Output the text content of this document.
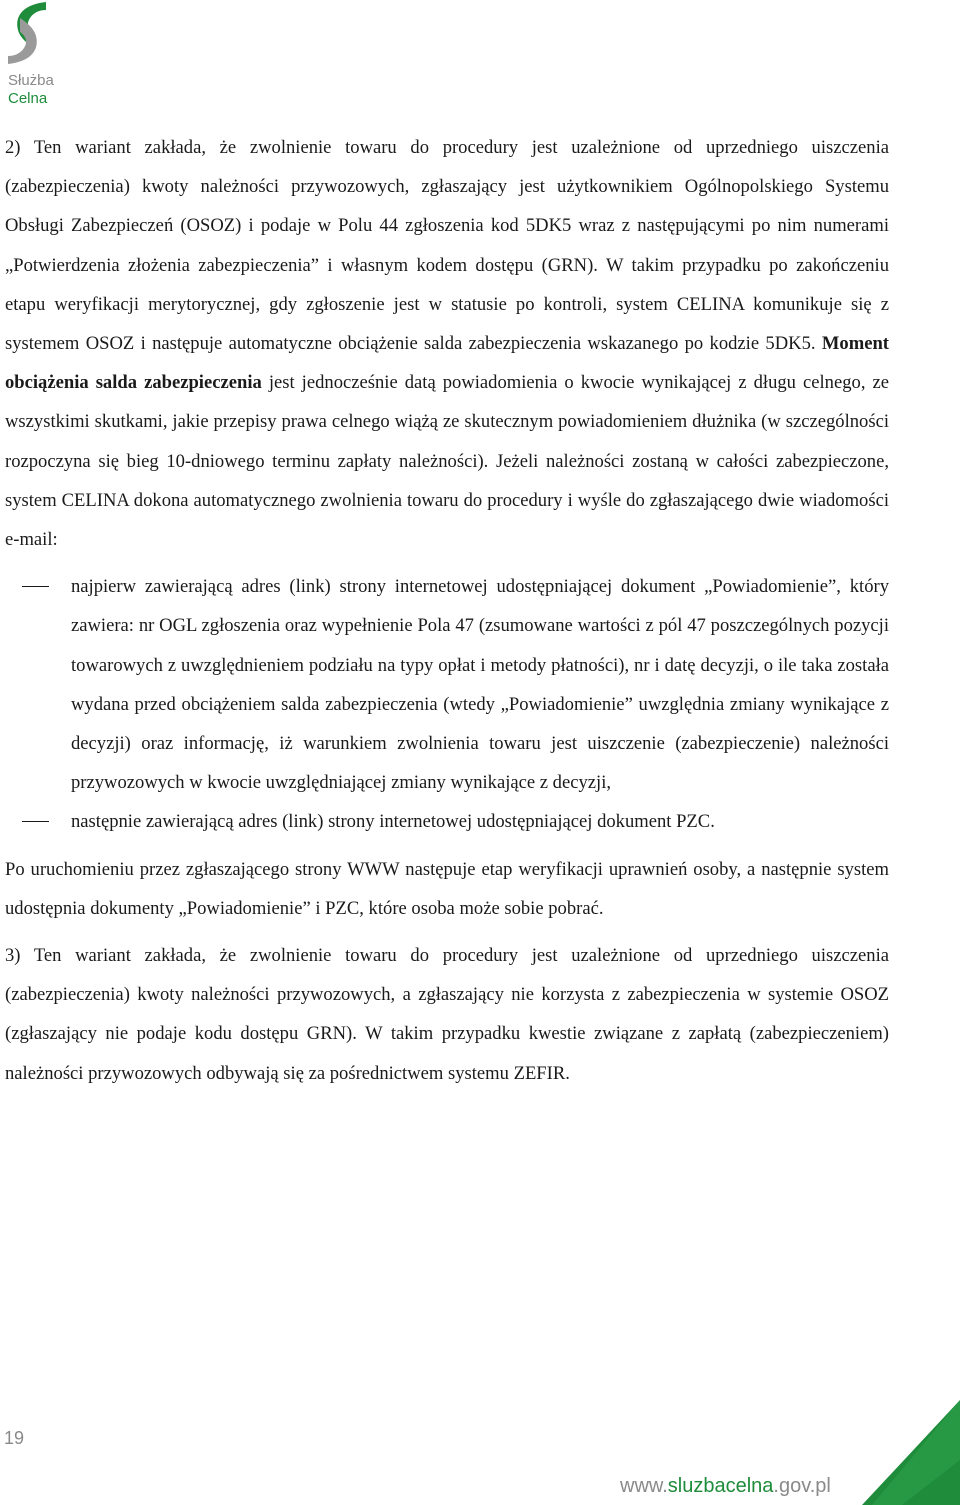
Służba
Celna

2) Ten wariant zakłada, że zwolnienie towaru do procedury jest uzależnione od uprzedniego uiszczenia (zabezpieczenia) kwoty należności przywozowych, zgłaszający jest użytkownikiem Ogólnopolskiego Systemu Obsługi Zabezpieczeń (OSOZ) i podaje w Polu 44 zgłoszenia kod 5DK5 wraz z następującymi po nim numerami „Potwierdzenia złożenia zabezpieczenia” i własnym kodem dostępu (GRN). W takim przypadku po zakończeniu etapu weryfikacji merytorycznej, gdy zgłoszenie jest w statusie po kontroli, system CELINA komunikuje się z systemem OSOZ i następuje automatyczne obciążenie salda zabezpieczenia wskazanego po kodzie 5DK5. Moment obciążenia salda zabezpieczenia jest jednocześnie datą powiadomienia o kwocie wynikającej z długu celnego, ze wszystkimi skutkami, jakie przepisy prawa celnego wiążą ze skutecznym powiadomieniem dłużnika (w szczególności rozpoczyna się bieg 10-dniowego terminu zapłaty należności). Jeżeli należności zostaną w całości zabezpieczone, system CELINA dokona automatycznego zwolnienia towaru do procedury i wyśle do zgłaszającego dwie wiadomości e-mail:

najpierw zawierającą adres (link) strony internetowej udostępniającej dokument „Powiadomienie”, który zawiera: nr OGL zgłoszenia oraz wypełnienie Pola 47 (zsumowane wartości z pól 47 poszczególnych pozycji towarowych z uwzględnieniem podziału na typy opłat i metody płatności), nr i datę decyzji, o ile taka została wydana przed obciążeniem salda zabezpieczenia (wtedy „Powiadomienie” uwzględnia zmiany wynikające z decyzji) oraz informację, iż warunkiem zwolnienia towaru jest uiszczenie (zabezpieczenie) należności przywozowych w kwocie uwzględniającej zmiany wynikające z decyzji,

następnie zawierającą adres (link) strony internetowej udostępniającej dokument PZC.

Po uruchomieniu przez zgłaszającego strony WWW następuje etap weryfikacji uprawnień osoby, a następnie system udostępnia dokumenty „Powiadomienie” i PZC, które osoba może sobie pobrać.

3) Ten wariant zakłada, że zwolnienie towaru do procedury jest uzależnione od uprzedniego uiszczenia (zabezpieczenia) kwoty należności przywozowych, a zgłaszający nie korzysta z zabezpieczenia w systemie OSOZ (zgłaszający nie podaje kodu dostępu GRN). W takim przypadku kwestie związane z zapłatą (zabezpieczeniem) należności przywozowych odbywają się za pośrednictwem systemu ZEFIR.

19
www.sluzbacelna.gov.pl
